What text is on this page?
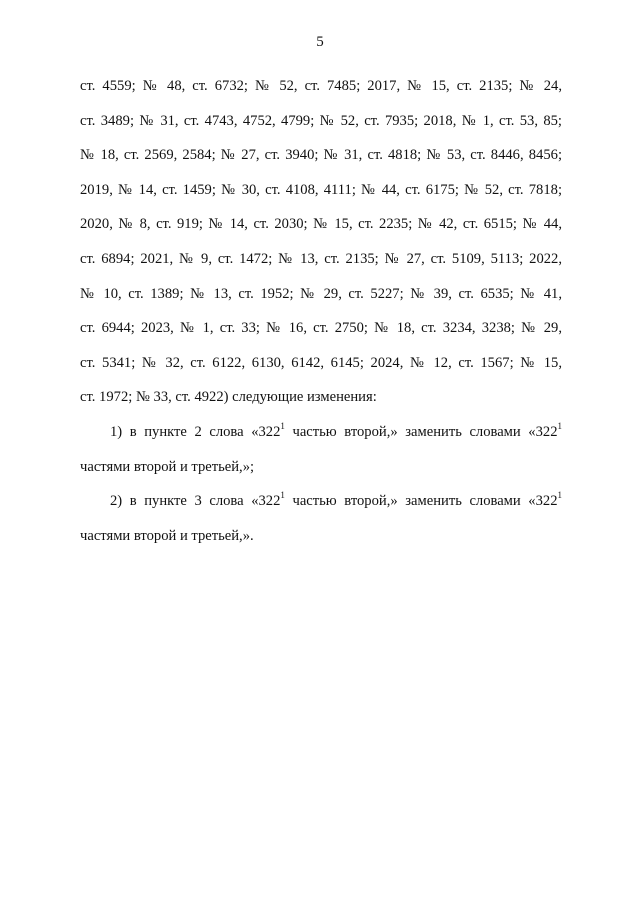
5
ст. 4559; № 48, ст. 6732; № 52, ст. 7485; 2017, № 15, ст. 2135; № 24,
ст. 3489; № 31, ст. 4743, 4752, 4799; № 52, ст. 7935; 2018, № 1, ст. 53, 85;
№ 18, ст. 2569, 2584; № 27, ст. 3940; № 31, ст. 4818; № 53, ст. 8446, 8456;
2019, № 14, ст. 1459; № 30, ст. 4108, 4111; № 44, ст. 6175; № 52, ст. 7818;
2020, № 8, ст. 919; № 14, ст. 2030; № 15, ст. 2235; № 42, ст. 6515; № 44,
ст. 6894; 2021, № 9, ст. 1472; № 13, ст. 2135; № 27, ст. 5109, 5113; 2022,
№ 10, ст. 1389; № 13, ст. 1952; № 29, ст. 5227; № 39, ст. 6535; № 41,
ст. 6944; 2023, № 1, ст. 33; № 16, ст. 2750; № 18, ст. 3234, 3238; № 29,
ст. 5341; № 32, ст. 6122, 6130, 6142, 6145; 2024, № 12, ст. 1567; № 15,
ст. 1972; № 33, ст. 4922) следующие изменения:
1) в пункте 2 слова «$322^1$ частью второй,» заменить словами «$322^1$
частями второй и третьей,»;
2) в пункте 3 слова «$322^1$ частью второй,» заменить словами «$322^1$
частями второй и третьей,».
